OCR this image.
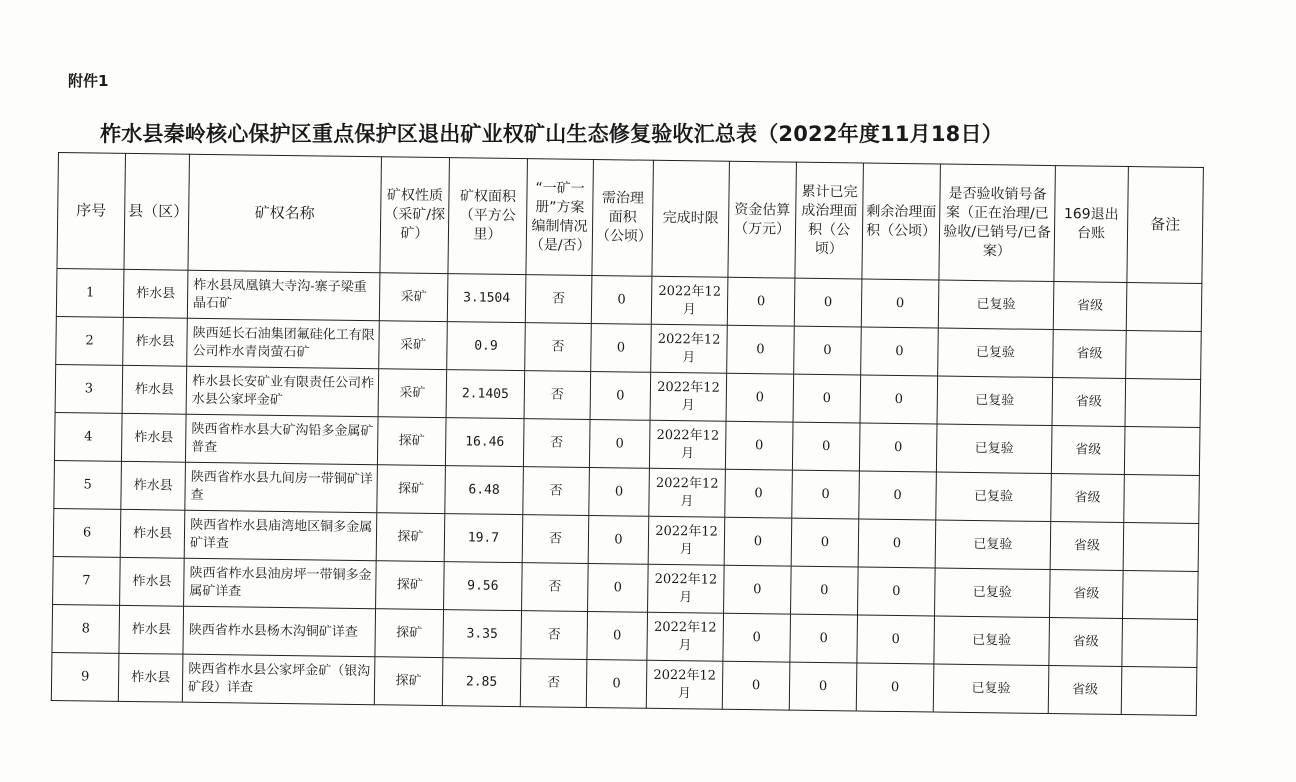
附件1
柞水县秦岭核心保护区重点保护区退出矿业权矿山生态修复验收汇总表（2022年度11月18日）
序号	县（区）	矿权名称	矿权性质（采矿/探矿）	矿权面积（平方公里）	“一矿一册”方案编制情况（是/否）	需治理面积（公顷）	完成时限	资金估算（万元）	累计已完成治理面积（公顷）	剩余治理面积（公顷）	是否验收销号备案（正在治理/已验收/已销号/已备案）	169退出台账	备注
1	柞水县	柞水县凤凰镇大寺沟-寨子梁重晶石矿	采矿	3.1504	否	0	2022年12月	0	0	0	已复验	省级	
2	柞水县	陕西延长石油集团氟硅化工有限公司柞水青岗萤石矿	采矿	0.9	否	0	2022年12月	0	0	0	已复验	省级	
3	柞水县	柞水县长安矿业有限责任公司柞水县公家坪金矿	采矿	2.1405	否	0	2022年12月	0	0	0	已复验	省级	
4	柞水县	陕西省柞水县大矿沟铅多金属矿普查	探矿	16.46	否	0	2022年12月	0	0	0	已复验	省级	
5	柞水县	陕西省柞水县九间房一带铜矿详查	探矿	6.48	否	0	2022年12月	0	0	0	已复验	省级	
6	柞水县	陕西省柞水县庙湾地区铜多金属矿详查	探矿	19.7	否	0	2022年12月	0	0	0	已复验	省级	
7	柞水县	陕西省柞水县油房坪一带铜多金属矿详查	探矿	9.56	否	0	2022年12月	0	0	0	已复验	省级	
8	柞水县	陕西省柞水县杨木沟铜矿详查	探矿	3.35	否	0	2022年12月	0	0	0	已复验	省级	
9	柞水县	陕西省柞水县公家坪金矿（银沟矿段）详查	探矿	2.85	否	0	2022年12月	0	0	0	已复验	省级	
